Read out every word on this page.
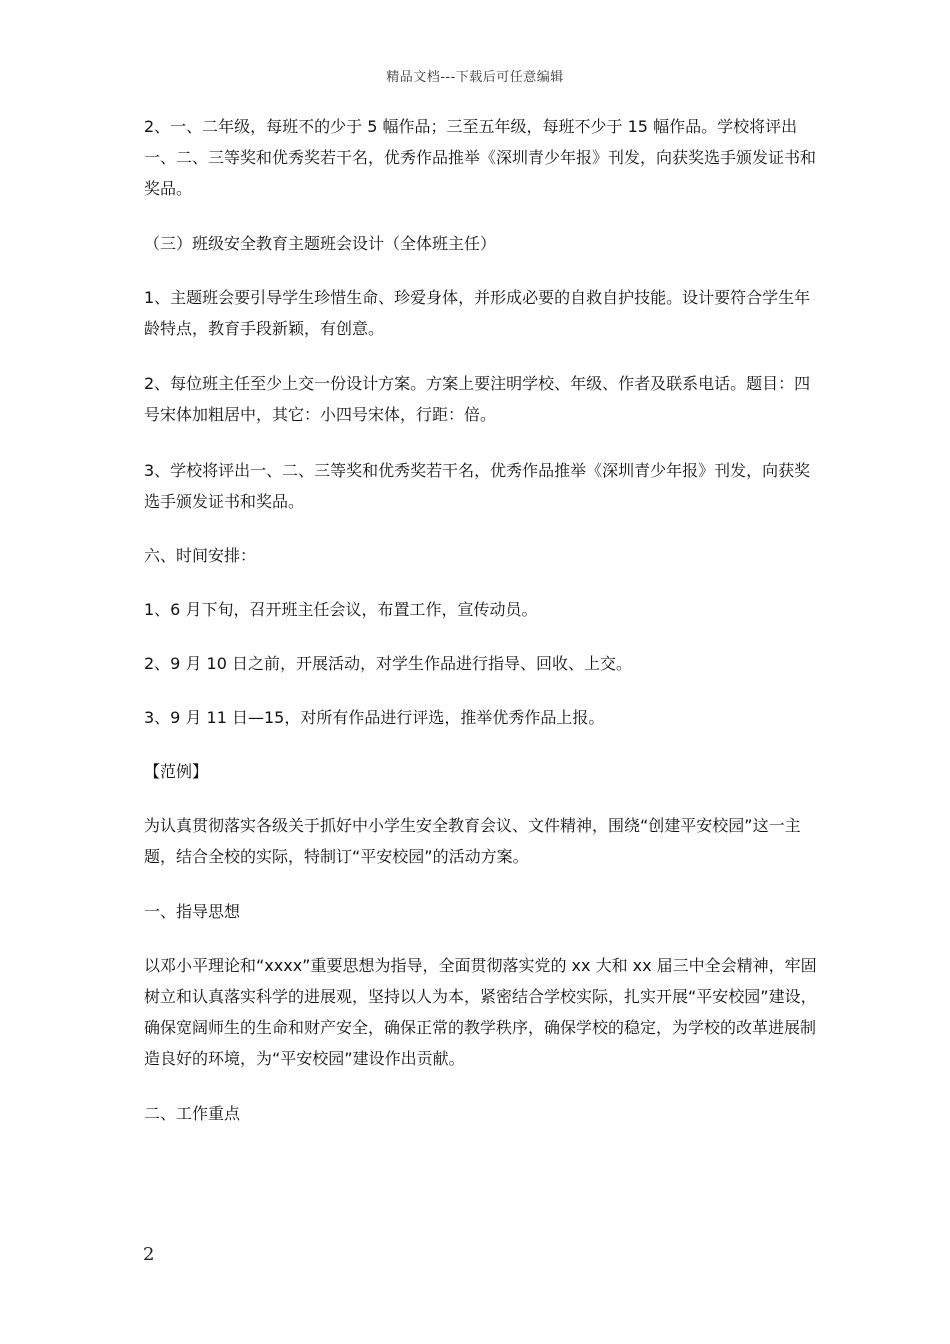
精品文档---下载后可任意编辑

2、一、二年级，每班不的少于 5 幅作品；三至五年级，每班不少于 15 幅作品。学校将评出一、二、三等奖和优秀奖若干名，优秀作品推举《深圳青少年报》刊发，向获奖选手颁发证书和奖品。

（三）班级安全教育主题班会设计（全体班主任）

1、主题班会要引导学生珍惜生命、珍爱身体，并形成必要的自救自护技能。设计要符合学生年龄特点，教育手段新颖，有创意。

2、每位班主任至少上交一份设计方案。方案上要注明学校、年级、作者及联系电话。题目：四号宋体加粗居中，其它：小四号宋体，行距：倍。

3、学校将评出一、二、三等奖和优秀奖若干名，优秀作品推举《深圳青少年报》刊发，向获奖选手颁发证书和奖品。

六、时间安排：

1、6 月下旬，召开班主任会议，布置工作，宣传动员。

2、9 月 10 日之前，开展活动，对学生作品进行指导、回收、上交。

3、9 月 11 日—15，对所有作品进行评选，推举优秀作品上报。

【范例】

为认真贯彻落实各级关于抓好中小学生安全教育会议、文件精神，围绕“创建平安校园”这一主题，结合全校的实际，特制订“平安校园”的活动方案。

一、指导思想

以邓小平理论和“xxxx”重要思想为指导，全面贯彻落实党的 xx 大和 xx 届三中全会精神，牢固树立和认真落实科学的进展观，坚持以人为本，紧密结合学校实际，扎实开展“平安校园”建设，确保宽阔师生的生命和财产安全，确保正常的教学秩序，确保学校的稳定，为学校的改革进展制造良好的环境，为“平安校园”建设作出贡献。

二、工作重点

2
